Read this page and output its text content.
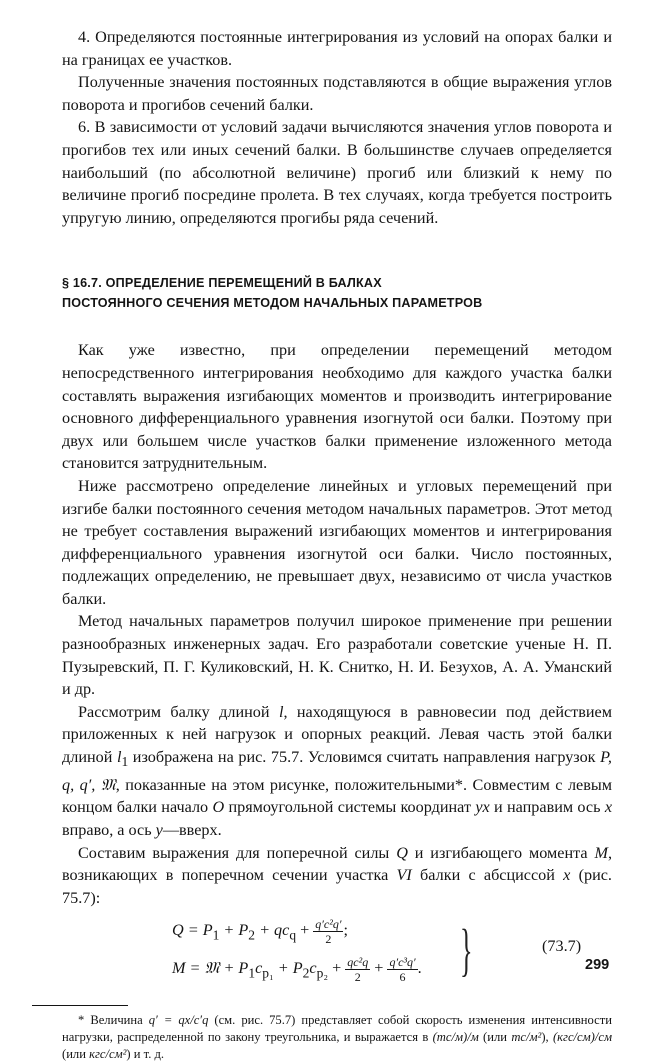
4. Определяются постоянные интегрирования из условий на опорах балки и на границах ее участков.

Полученные значения постоянных подставляются в общие выражения углов поворота и прогибов сечений балки.

6. В зависимости от условий задачи вычисляются значения углов поворота и прогибов тех или иных сечений балки. В большинстве случаев определяется наибольший (по абсолютной величине) прогиб или близкий к нему по величине прогиб посредине пролета. В тех случаях, когда требуется построить упругую линию, определяются прогибы ряда сечений.

§ 16.7. ОПРЕДЕЛЕНИЕ ПЕРЕМЕЩЕНИЙ В БАЛКАХ
ПОСТОЯННОГО СЕЧЕНИЯ МЕТОДОМ НАЧАЛЬНЫХ ПАРАМЕТРОВ

Как уже известно, при определении перемещений методом непосредственного интегрирования необходимо для каждого участка балки составлять выражения изгибающих моментов и производить интегрирование основного дифференциального уравнения изогнутой оси балки. Поэтому при двух или большем числе участков балки применение изложенного метода становится затруднительным.

Ниже рассмотрено определение линейных и угловых перемещений при изгибе балки постоянного сечения методом начальных параметров. Этот метод не требует составления выражений изгибающих моментов и интегрирования дифференциального уравнения изогнутой оси балки. Число постоянных, подлежащих определению, не превышает двух, независимо от числа участков балки.

Метод начальных параметров получил широкое применение при решении разнообразных инженерных задач. Его разработали советские ученые Н. П. Пузыревский, П. Г. Куликовский, Н. К. Снитко, Н. И. Безухов, А. А. Уманский и др.

Рассмотрим балку длиной l, находящуюся в равновесии под действием приложенных к ней нагрузок и опорных реакций. Левая часть этой балки длиной $l_1$ изображена на рис. 75.7. Условимся считать направления нагрузок P, q, q′, 𝔐, показанные на этом рисунке, положительными*. Совместим с левым концом балки начало O прямоугольной системы координат yx и направим ось x вправо, а ось y—вверх.

Составим выражения для поперечной силы Q и изгибающего момента M, возникающих в поперечном сечении участка VI балки с абсциссой x (рис. 75.7):

$Q = P_1 + P_2 + qc_q + \frac{\text{q′c²q′}}{2}$ ;
M = 𝔐 + $P_1c_{p_1} + P_2c_{p_2} + \frac{\text{qc²q}}{2} + \frac{\text{q′c³q′}}{6}$ . }	(73.7)
* Величина q′ = qx/c′q (см. рис. 75.7) представляет собой скорость изменения интенсивности нагрузки, распределенной по закону треугольника, и выражается в (тс/м)/м (или тс/м²), (кгс/см)/см (или кгс/см²) и т. д.
299
